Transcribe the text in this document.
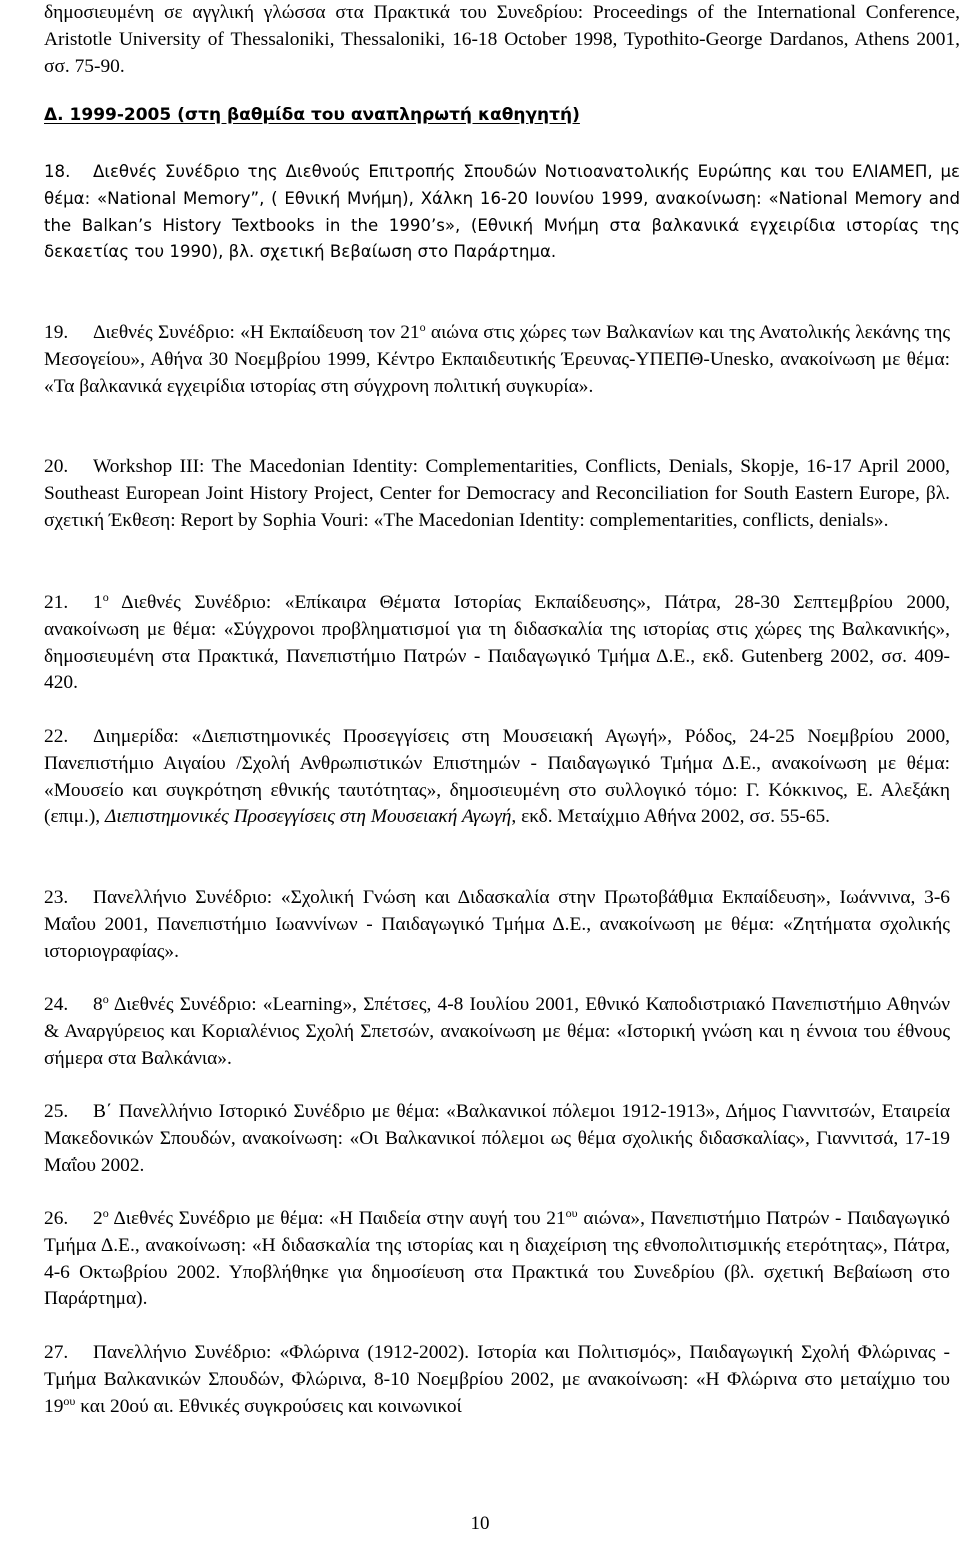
δημοσιευμένη σε αγγλική γλώσσα στα Πρακτικά του Συνεδρίου: Proceedings of the International Conference, Aristotle University of Thessaloniki, Thessaloniki, 16-18 October 1998, Typothito-George Dardanos, Athens 2001, σσ. 75-90.

Δ. 1999-2005 (στη βαθμίδα του αναπληρωτή καθηγητή)

18. Διεθνές Συνέδριο της Διεθνούς Επιτροπής Σπουδών Νοτιοανατολικής Ευρώπης και του ΕΛΙΑΜΕΠ, με θέμα: «National Memory”, ( Εθνική Μνήμη), Χάλκη 16-20 Ιουνίου 1999, ανακοίνωση: «National Memory and the Balkan’s History Textbooks in the 1990’s», (Εθνική Μνήμη στα βαλκανικά εγχειρίδια ιστορίας της δεκαετίας του 1990), βλ. σχετική Βεβαίωση στο Παράρτημα.

19. Διεθνές Συνέδριο: «Η Εκπαίδευση τον $21^o$ αιώνα στις χώρες των Βαλκανίων και της Ανατολικής λεκάνης της Μεσογείου», Αθήνα 30 Νοεμβρίου 1999, Κέντρο Εκπαιδευτικής Έρευνας-ΥΠΕΠΘ-Unesko, ανακοίνωση με θέμα: «Τα βαλκανικά εγχειρίδια ιστορίας στη σύγχρονη πολιτική συγκυρία».

20. Workshop III: The Macedonian Identity: Complementarities, Conflicts, Denials, Skopje, 16-17 April 2000, Southeast European Joint History Project, Center for Democracy and Reconciliation for South Eastern Europe, βλ. σχετική Έκθεση: Report by Sophia Vouri: «The Macedonian Identity: complementarities, conflicts, denials».

21. $1^o$ Διεθνές Συνέδριο: «Επίκαιρα Θέματα Ιστορίας Εκπαίδευσης», Πάτρα, 28-30 Σεπτεμβρίου 2000, ανακοίνωση με θέμα: «Σύγχρονοι προβληματισμοί για τη διδασκαλία της ιστορίας στις χώρες της Βαλκανικής», δημοσιευμένη στα Πρακτικά, Πανεπιστήμιο Πατρών - Παιδαγωγικό Τμήμα Δ.Ε., εκδ. Gutenberg 2002, σσ. 409-420.

22. Διημερίδα: «Διεπιστημονικές Προσεγγίσεις στη Μουσειακή Αγωγή», Ρόδος, 24-25 Νοεμβρίου 2000, Πανεπιστήμιο Αιγαίου /Σχολή Ανθρωπιστικών Επιστημών - Παιδαγωγικό Τμήμα Δ.Ε., ανακοίνωση με θέμα: «Μουσείο και συγκρότηση εθνικής ταυτότητας», δημοσιευμένη στο συλλογικό τόμο: Γ. Κόκκινος, Ε. Αλεξάκη (επιμ.), Διεπιστημονικές Προσεγγίσεις στη Μουσειακή Αγωγή, εκδ. Μεταίχμιο Αθήνα 2002, σσ. 55-65.

23. Πανελλήνιο Συνέδριο: «Σχολική Γνώση και Διδασκαλία στην Πρωτοβάθμια Εκπαίδευση», Ιωάννινα, 3-6 Μαΐου 2001, Πανεπιστήμιο Ιωαννίνων - Παιδαγωγικό Τμήμα Δ.Ε., ανακοίνωση με θέμα: «Ζητήματα σχολικής ιστοριογραφίας».

24. $8^o$ Διεθνές Συνέδριο: «Learning», Σπέτσες, 4-8 Ιουλίου 2001, Εθνικό Καποδιστριακό Πανεπιστήμιο Αθηνών & Αναργύρειος και Κοριαλένιος Σχολή Σπετσών, ανακοίνωση με θέμα: «Ιστορική γνώση και η έννοια του έθνους σήμερα στα Βαλκάνια».

25. Β΄ Πανελλήνιο Ιστορικό Συνέδριο με θέμα: «Βαλκανικοί πόλεμοι 1912-1913», Δήμος Γιαννιτσών, Εταιρεία Μακεδονικών Σπουδών, ανακοίνωση: «Οι Βαλκανικοί πόλεμοι ως θέμα σχολικής διδασκαλίας», Γιαννιτσά, 17-19 Μαΐου 2002.

26. $2^o$ Διεθνές Συνέδριο με θέμα: «Η Παιδεία στην αυγή του $21^{o\upsilon}$ αιώνα», Πανεπιστήμιο Πατρών - Παιδαγωγικό Τμήμα Δ.Ε., ανακοίνωση: «Η διδασκαλία της ιστορίας και η διαχείριση της εθνοπολιτισμικής ετερότητας», Πάτρα, 4-6 Οκτωβρίου 2002. Υποβλήθηκε για δημοσίευση στα Πρακτικά του Συνεδρίου (βλ. σχετική Βεβαίωση στο Παράρτημα).

27. Πανελλήνιο Συνέδριο: «Φλώρινα (1912-2002). Ιστορία και Πολιτισμός», Παιδαγωγική Σχολή Φλώρινας - Τμήμα Βαλκανικών Σπουδών, Φλώρινα, 8-10 Νοεμβρίου 2002, με ανακοίνωση: «Η Φλώρινα στο μεταίχμιο του $19^{o\upsilon}$ και 20ού αι. Εθνικές συγκρούσεις και κοινωνικοί

10
